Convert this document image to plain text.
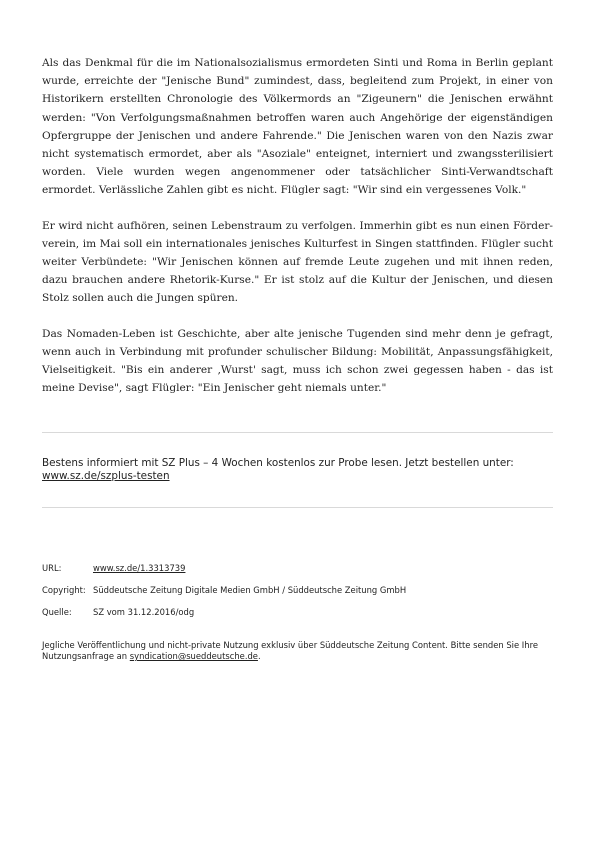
Als das Denkmal für die im Nationalsozialismus ermordeten Sinti und Roma in Berlin geplant wurde, erreichte der "Jenische Bund" zumindest, dass, begleitend zum Projekt, in einer von Historikern erstellten Chronologie des Völkermords an "Zigeunern" die Jenischen erwähnt werden: "Von Verfolgungsmaßnahmen betroffen waren auch Angehörige der eigenständigen Opfergruppe der Jenischen und andere Fahrende." Die Jenischen waren von den Nazis zwar nicht systematisch ermordet, aber als "Asoziale" enteignet, interniert und zwangssterilisiert worden. Viele wurden wegen angenommener oder tatsächlicher Sinti-Verwandtschaft ermordet. Verlässliche Zahlen gibt es nicht. Flügler sagt: "Wir sind ein vergessenes Volk."

Er wird nicht aufhören, seinen Lebenstraum zu verfolgen. Immerhin gibt es nun einen Förderverein, im Mai soll ein internationales jenisches Kulturfest in Singen stattfinden. Flügler sucht weiter Verbündete: "Wir Jenischen können auf fremde Leute zugehen und mit ihnen reden, dazu brauchen andere Rhetorik-Kurse." Er ist stolz auf die Kultur der Jenischen, und diesen Stolz sollen auch die Jungen spüren.

Das Nomaden-Leben ist Geschichte, aber alte jenische Tugenden sind mehr denn je gefragt, wenn auch in Verbindung mit profunder schulischer Bildung: Mobilität, Anpassungsfähigkeit, Vielseitigkeit. "Bis ein anderer ‚Wurst' sagt, muss ich schon zwei gegessen haben - das ist meine Devise", sagt Flügler: "Ein Jenischer geht niemals unter."

Bestens informiert mit SZ Plus – 4 Wochen kostenlos zur Probe lesen. Jetzt bestellen unter:
www.sz.de/szplus-testen
URL:	www.sz.de/1.3313739
Copyright: Süddeutsche Zeitung Digitale Medien GmbH / Süddeutsche Zeitung GmbH
Quelle:	SZ vom 31.12.2016/odg
Jegliche Veröffentlichung und nicht-private Nutzung exklusiv über Süddeutsche Zeitung Content. Bitte senden Sie Ihre Nutzungsanfrage an syndication@sueddeutsche.de.
